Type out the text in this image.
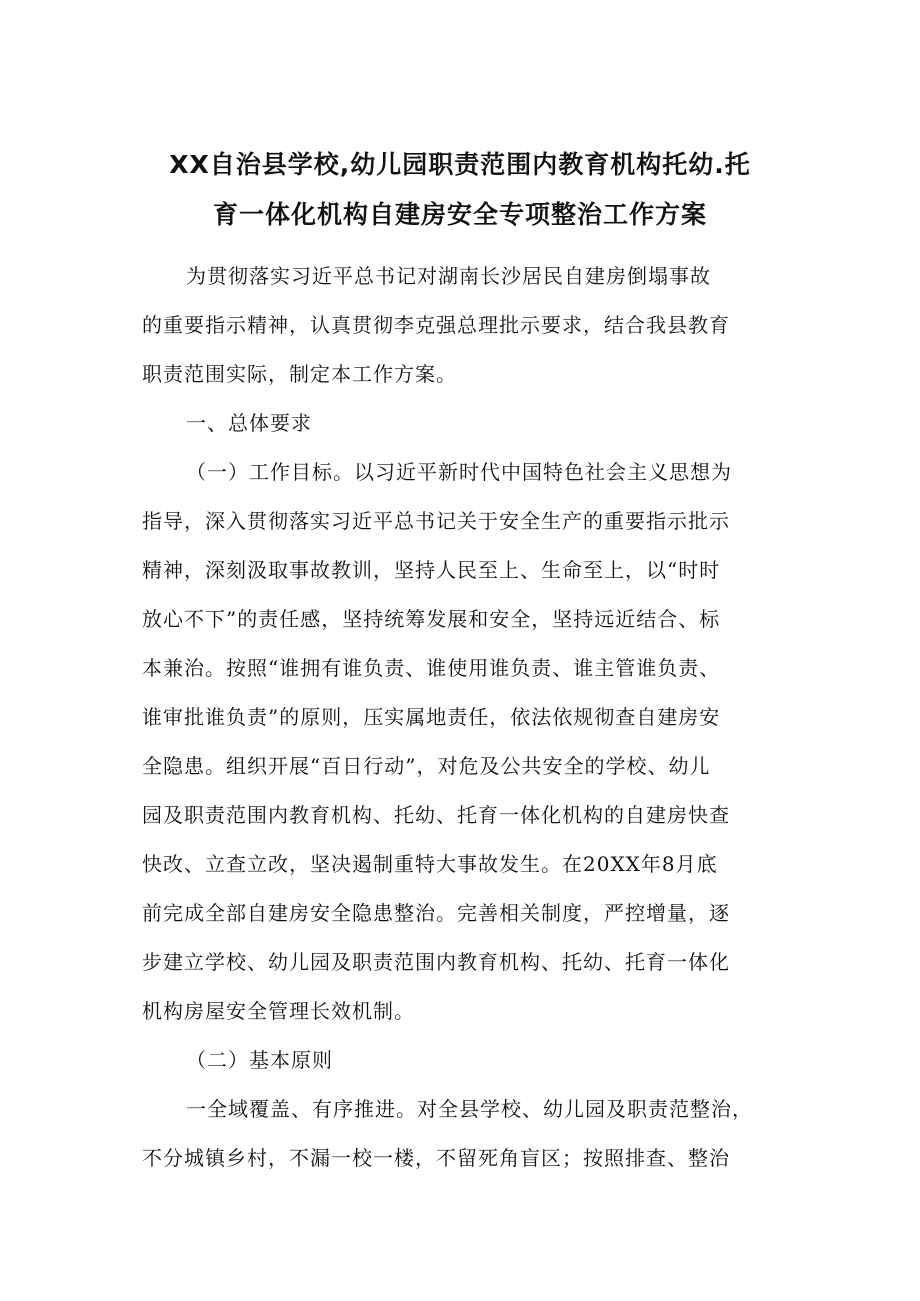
XX自治县学校,幼儿园职责范围内教育机构托幼.托
育一体化机构自建房安全专项整治工作方案
为贯彻落实习近平总书记对湖南长沙居民自建房倒塌事故
的重要指示精神，认真贯彻李克强总理批示要求，结合我县教育
职责范围实际，制定本工作方案。
一、总体要求
（一）工作目标。以习近平新时代中国特色社会主义思想为
指导，深入贯彻落实习近平总书记关于安全生产的重要指示批示
精神，深刻汲取事故教训，坚持人民至上、生命至上，以“时时
放心不下”的责任感，坚持统筹发展和安全，坚持远近结合、标
本兼治。按照“谁拥有谁负责、谁使用谁负责、谁主管谁负责、
谁审批谁负责”的原则，压实属地责任，依法依规彻查自建房安
全隐患。组织开展“百日行动”，对危及公共安全的学校、幼儿
园及职责范围内教育机构、托幼、托育一体化机构的自建房快查
快改、立查立改，坚决遏制重特大事故发生。在20XX年8月底
前完成全部自建房安全隐患整治。完善相关制度，严控增量，逐
步建立学校、幼儿园及职责范围内教育机构、托幼、托育一体化
机构房屋安全管理长效机制。
（二）基本原则
一全域覆盖、有序推进。对全县学校、幼儿园及职责范整治，
不分城镇乡村，不漏一校一楼，不留死角盲区；按照排查、整治
